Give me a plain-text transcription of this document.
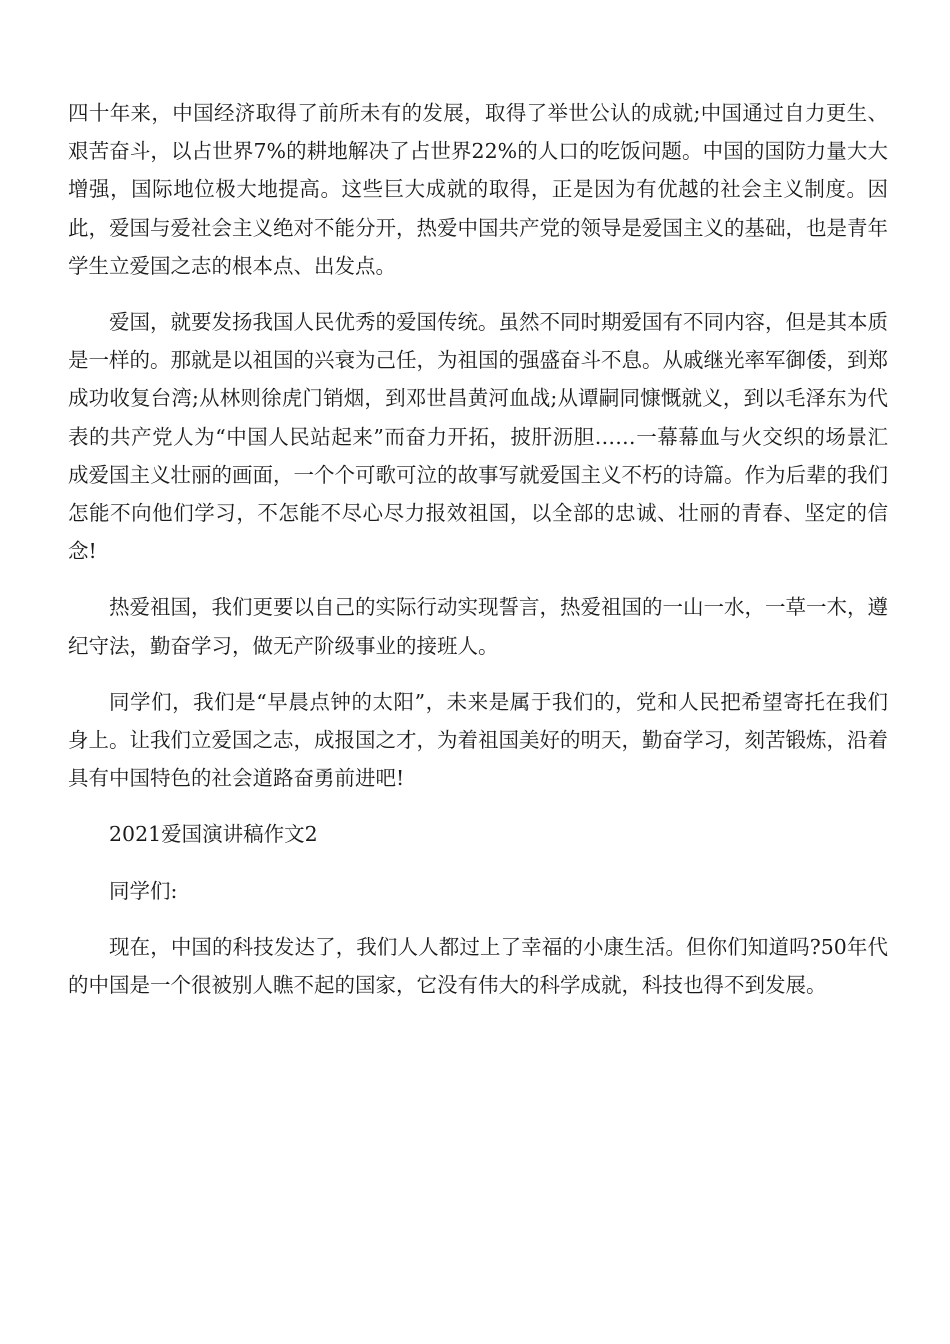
四十年来，中国经济取得了前所未有的发展，取得了举世公认的成就;中国通过自力更生、艰苦奋斗，以占世界7%的耕地解决了占世界22%的人口的吃饭问题。中国的国防力量大大增强，国际地位极大地提高。这些巨大成就的取得，正是因为有优越的社会主义制度。因此，爱国与爱社会主义绝对不能分开，热爱中国共产党的领导是爱国主义的基础，也是青年学生立爱国之志的根本点、出发点。

爱国，就要发扬我国人民优秀的爱国传统。虽然不同时期爱国有不同内容，但是其本质是一样的。那就是以祖国的兴衰为己任，为祖国的强盛奋斗不息。从戚继光率军御倭，到郑成功收复台湾;从林则徐虎门销烟，到邓世昌黄河血战;从谭嗣同慷慨就义，到以毛泽东为代表的共产党人为“中国人民站起来”而奋力开拓，披肝沥胆……一幕幕血与火交织的场景汇成爱国主义壮丽的画面，一个个可歌可泣的故事写就爱国主义不朽的诗篇。作为后辈的我们怎能不向他们学习，不怎能不尽心尽力报效祖国，以全部的忠诚、壮丽的青春、坚定的信念!

热爱祖国，我们更要以自己的实际行动实现誓言，热爱祖国的一山一水，一草一木，遵纪守法，勤奋学习，做无产阶级事业的接班人。

同学们，我们是“早晨点钟的太阳”，未来是属于我们的，党和人民把希望寄托在我们身上。让我们立爱国之志，成报国之才，为着祖国美好的明天，勤奋学习，刻苦锻炼，沿着具有中国特色的社会道路奋勇前进吧!

2021爱国演讲稿作文2

同学们:

现在，中国的科技发达了，我们人人都过上了幸福的小康生活。但你们知道吗?50年代的中国是一个很被别人瞧不起的国家，它没有伟大的科学成就，科技也得不到发展。
